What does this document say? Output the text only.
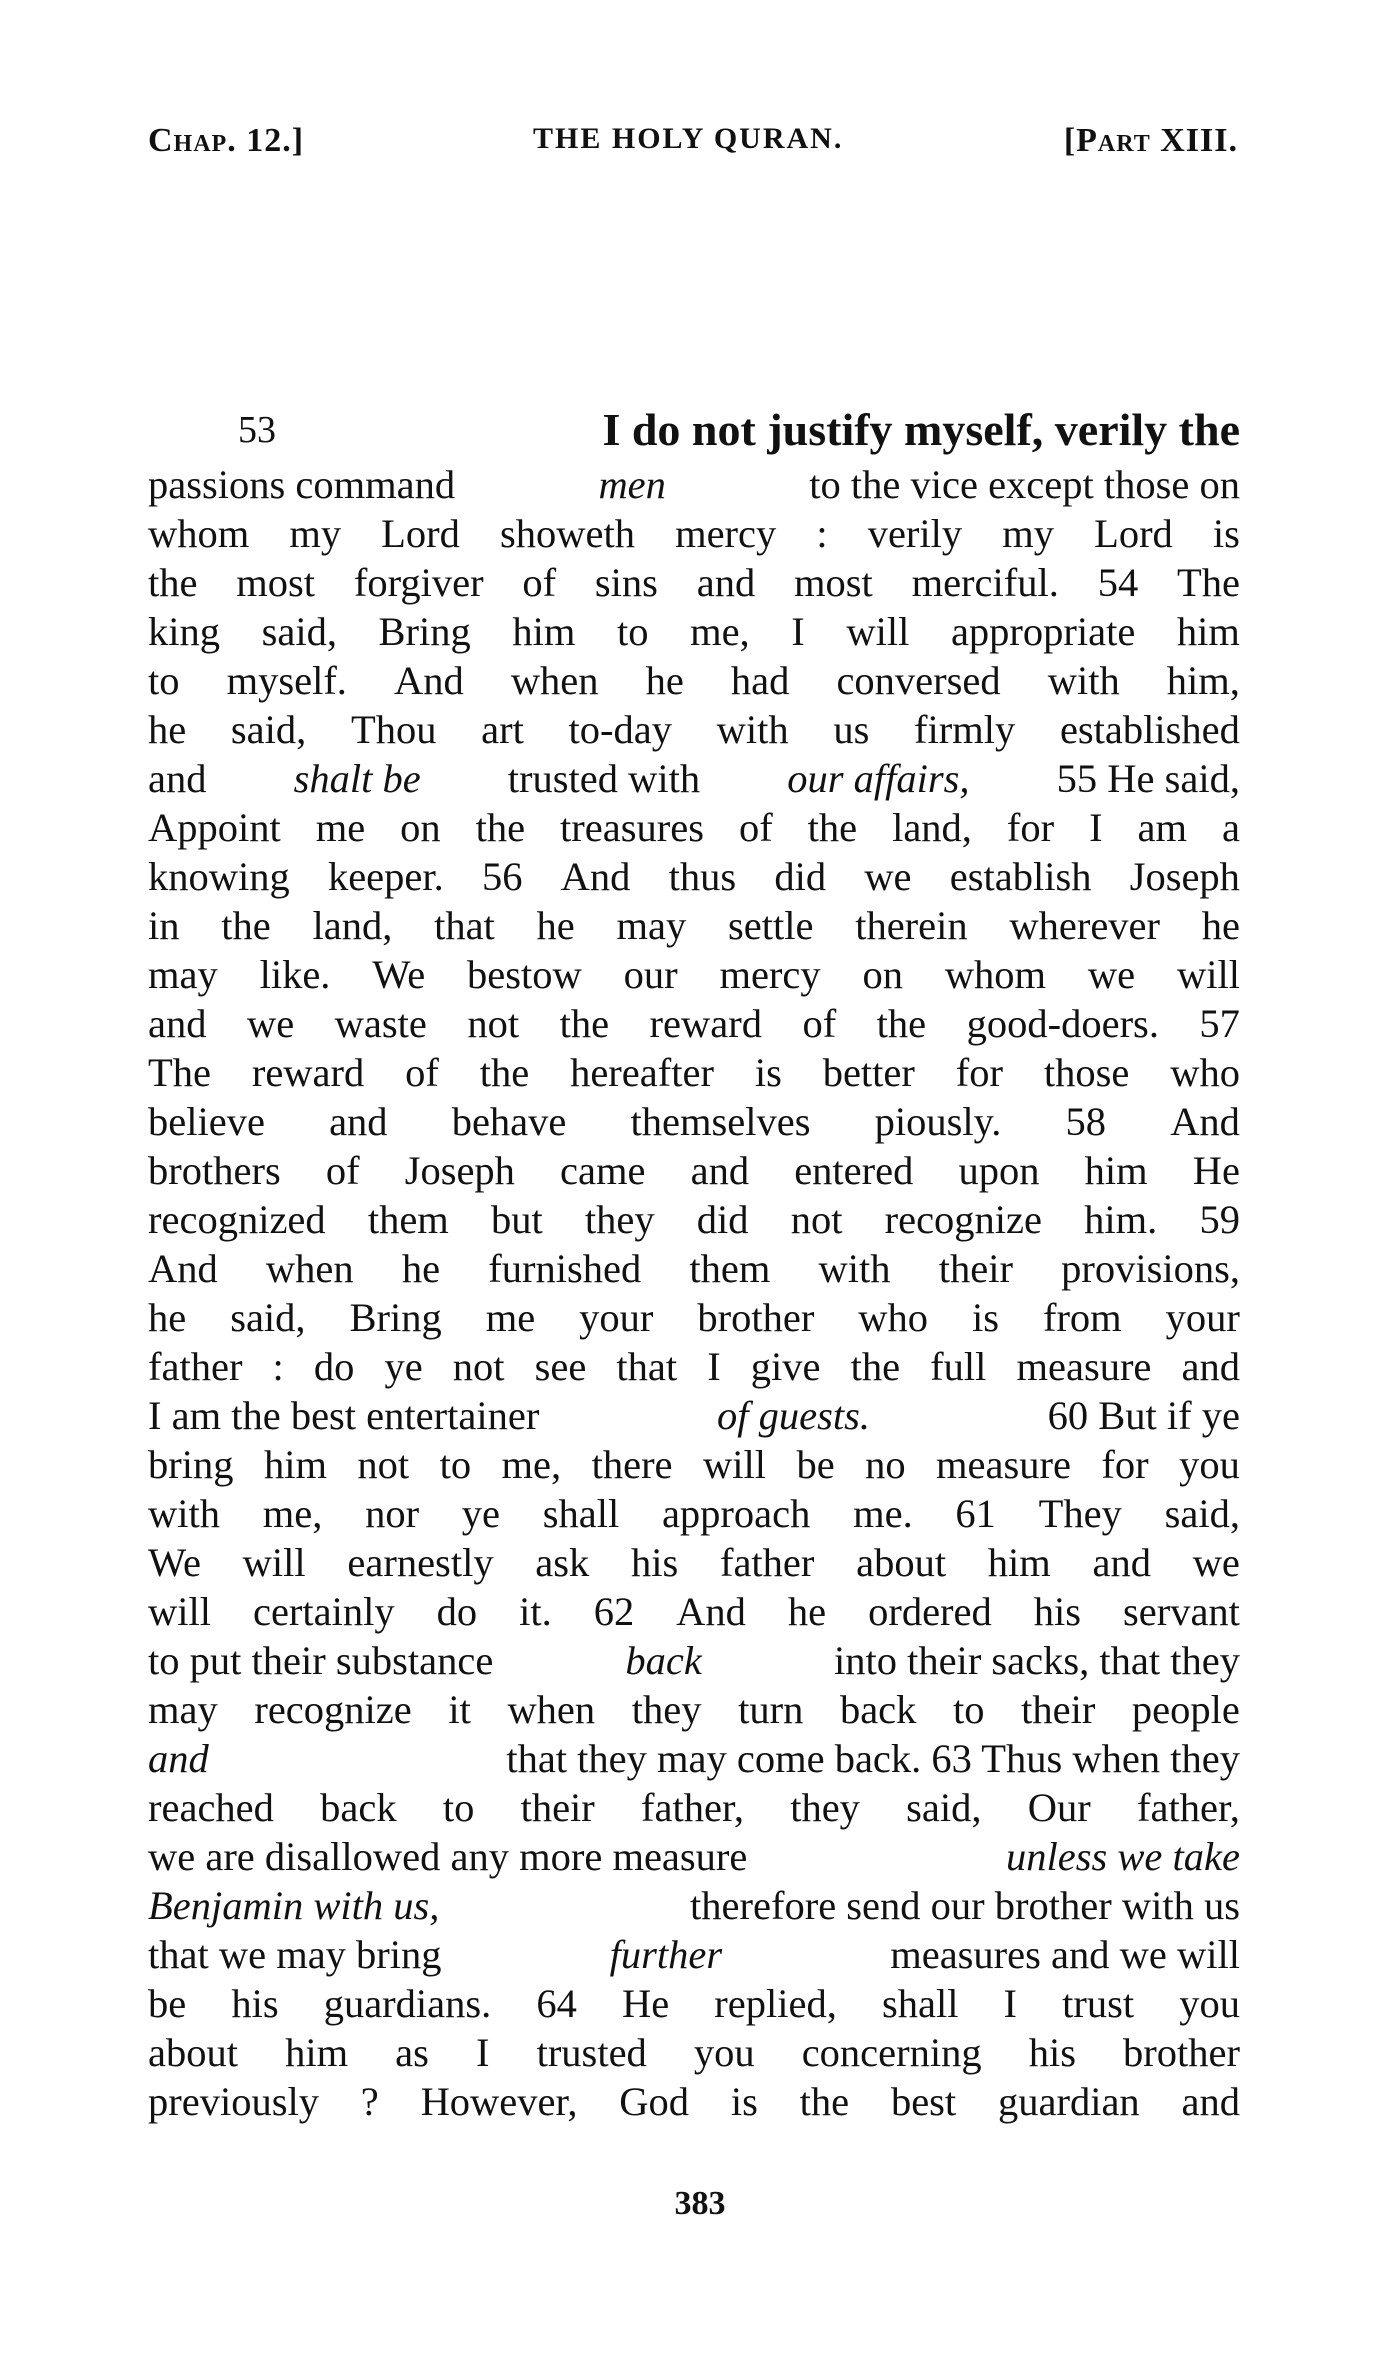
Chap. 12.]	THE HOLY QURAN.	[Part XIII.
53	I do not justify myself, verily the
passions command	men	to the vice except those on
whom my Lord showeth mercy : verily my Lord is
the most forgiver of sins and most merciful. 54 The
king said, Bring him to me, I will appropriate him
to myself. And when he had conversed with him,
he said, Thou art to-day with us firmly established
and shalt be trusted with our affairs, 55 He said,
Appoint me on the treasures of the land, for I am a
knowing keeper. 56 And thus did we establish Joseph
in the land, that he may settle therein wherever he
may like. We bestow our mercy on whom we will
and we waste not the reward of the good-doers. 57
The reward of the hereafter is better for those who
believe and behave themselves piously. 58 And
brothers of Joseph came and entered upon him He
recognized them but they did not recognize him. 59
And when he furnished them with their provisions,
he said, Bring me your brother who is from your
father : do ye not see that I give the full measure and
I am the best entertainer	of guests.	60 But if ye
bring him not to me, there will be no measure for you
with me, nor ye shall approach me. 61 They said,
We will earnestly ask his father about him and we
will certainly do it. 62 And he ordered his servant
to put their substance	back	into their sacks, that they
may recognize it when they turn back to their people
and	that they may come back. 63 Thus when they
reached back to their father, they said, Our father,
we are disallowed any more measure	unless we take
Benjamin with us,	therefore send our brother with us
that we may bring	further	measures and we will
be his guardians. 64 He replied, shall I trust you
about him as I trusted you concerning his brother
previously ? However, God is the best guardian and
383
